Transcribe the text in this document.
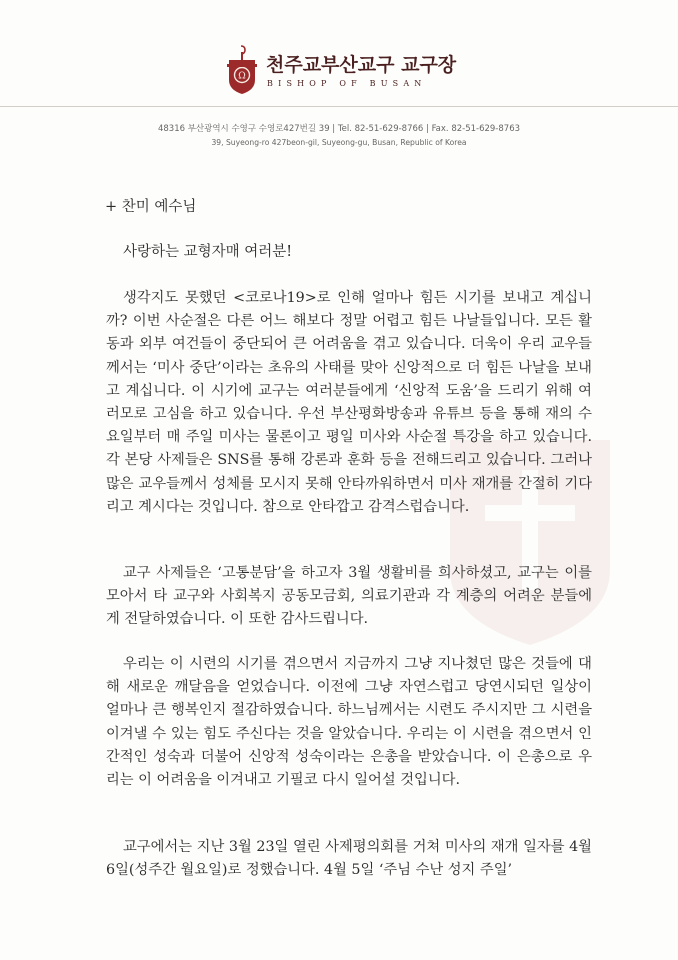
Ω
천주교부산교구 교구장
BISHOP OF BUSAN
48316 부산광역시 수영구 수영로427번길 39 | Tel. 82-51-629-8766 | Fax. 82-51-629-8763
39, Suyeong-ro 427beon-gil, Suyeong-gu, Busan, Republic of Korea

+ 찬미 예수님

사랑하는 교형자매 여러분!

생각지도 못했던 <코로나19>로 인해 얼마나 힘든 시기를 보내고 계십니까? 이번 사순절은 다른 어느 해보다 정말 어렵고 힘든 나날들입니다. 모든 활동과 외부 여건들이 중단되어 큰 어려움을 겪고 있습니다. 더욱이 우리 교우들께서는 ‘미사 중단’이라는 초유의 사태를 맞아 신앙적으로 더 힘든 나날을 보내고 계십니다. 이 시기에 교구는 여러분들에게 ‘신앙적 도움’을 드리기 위해 여러모로 고심을 하고 있습니다. 우선 부산평화방송과 유튜브 등을 통해 재의 수요일부터 매 주일 미사는 물론이고 평일 미사와 사순절 특강을 하고 있습니다. 각 본당 사제들은 SNS를 통해 강론과 훈화 등을 전해드리고 있습니다. 그러나 많은 교우들께서 성체를 모시지 못해 안타까워하면서 미사 재개를 간절히 기다리고 계시다는 것입니다. 참으로 안타깝고 감격스럽습니다.

교구 사제들은 ‘고통분담’을 하고자 3월 생활비를 희사하셨고, 교구는 이를 모아서 타 교구와 사회복지 공동모금회, 의료기관과 각 계층의 어려운 분들에게 전달하였습니다. 이 또한 감사드립니다.

우리는 이 시련의 시기를 겪으면서 지금까지 그냥 지나쳤던 많은 것들에 대해 새로운 깨달음을 얻었습니다. 이전에 그냥 자연스럽고 당연시되던 일상이 얼마나 큰 행복인지 절감하였습니다. 하느님께서는 시련도 주시지만 그 시련을 이겨낼 수 있는 힘도 주신다는 것을 알았습니다. 우리는 이 시련을 겪으면서 인간적인 성숙과 더불어 신앙적 성숙이라는 은총을 받았습니다. 이 은총으로 우리는 이 어려움을 이겨내고 기필코 다시 일어설 것입니다.

교구에서는 지난 3월 23일 열린 사제평의회를 거쳐 미사의 재개 일자를 4월 6일(성주간 월요일)로 정했습니다. 4월 5일 ‘주님 수난 성지 주일’
